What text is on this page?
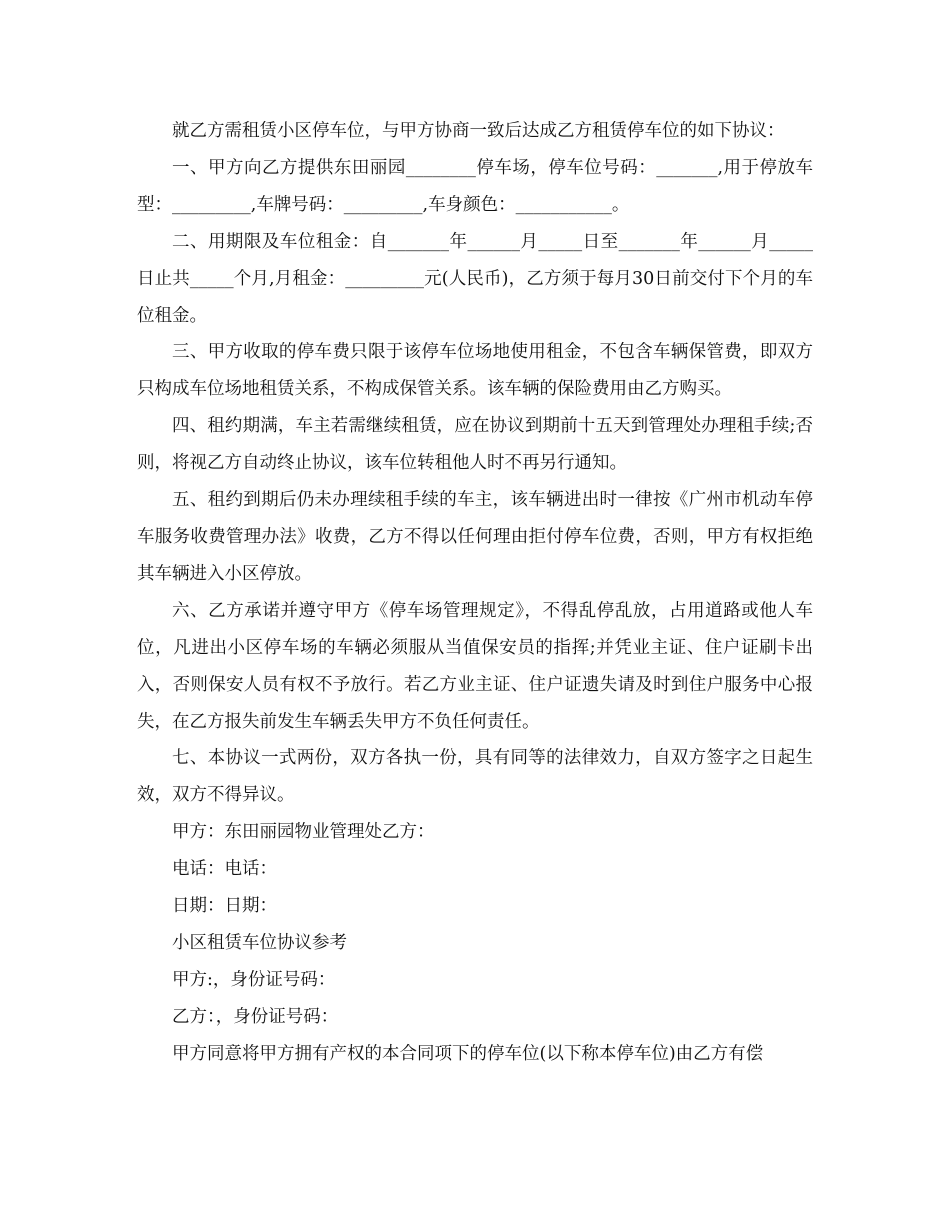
就乙方需租赁小区停车位，与甲方协商一致后达成乙方租赁停车位的如下协议：

一、甲方向乙方提供东田丽园________停车场，停车位号码：_______,用于停放车型：_________,车牌号码：_________,车身颜色：___________。

二、用期限及车位租金：自_______年______月_____日至_______年______月_____日止共_____个月,月租金：_________元(人民币)，乙方须于每月30日前交付下个月的车位租金。

三、甲方收取的停车费只限于该停车位场地使用租金，不包含车辆保管费，即双方只构成车位场地租赁关系，不构成保管关系。该车辆的保险费用由乙方购买。

四、租约期满，车主若需继续租赁，应在协议到期前十五天到管理处办理租手续;否则，将视乙方自动终止协议，该车位转租他人时不再另行通知。

五、租约到期后仍未办理续租手续的车主，该车辆进出时一律按《广州市机动车停车服务收费管理办法》收费，乙方不得以任何理由拒付停车位费，否则，甲方有权拒绝其车辆进入小区停放。

六、乙方承诺并遵守甲方《停车场管理规定》，不得乱停乱放，占用道路或他人车位，凡进出小区停车场的车辆必须服从当值保安员的指挥;并凭业主证、住户证刷卡出入，否则保安人员有权不予放行。若乙方业主证、住户证遗失请及时到住户服务中心报失，在乙方报失前发生车辆丢失甲方不负任何责任。

七、本协议一式两份，双方各执一份，具有同等的法律效力，自双方签字之日起生效，双方不得异议。

甲方：东田丽园物业管理处乙方：

电话：电话：

日期：日期：

小区租赁车位协议参考

甲方:，身份证号码：

乙方：，身份证号码：

甲方同意将甲方拥有产权的本合同项下的停车位(以下称本停车位)由乙方有偿
